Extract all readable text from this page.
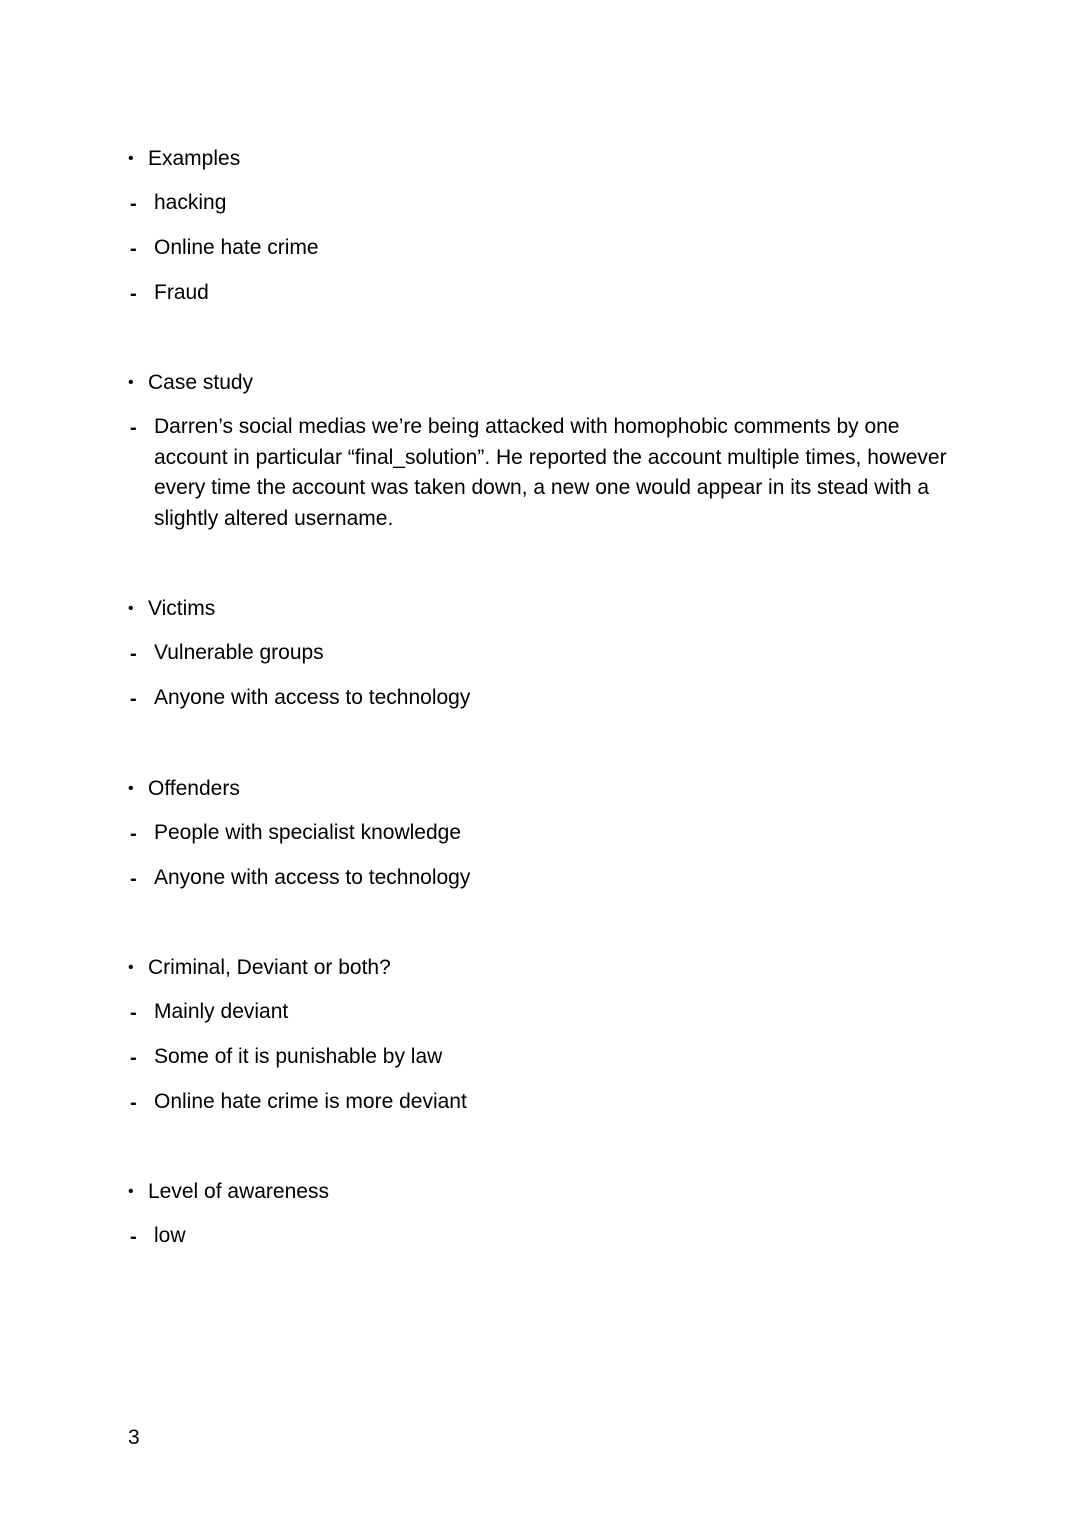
• Examples
- hacking
- Online hate crime
- Fraud
• Case study
- Darren’s social medias we’re being attacked with homophobic comments by one account in particular “final_solution”. He reported the account multiple times, however every time the account was taken down, a new one would appear in its stead with a slightly altered username.
• Victims
- Vulnerable groups
- Anyone with access to technology
• Offenders
- People with specialist knowledge
- Anyone with access to technology
• Criminal, Deviant or both?
- Mainly deviant
- Some of it is punishable by law
- Online hate crime is more deviant
• Level of awareness
- low
3
